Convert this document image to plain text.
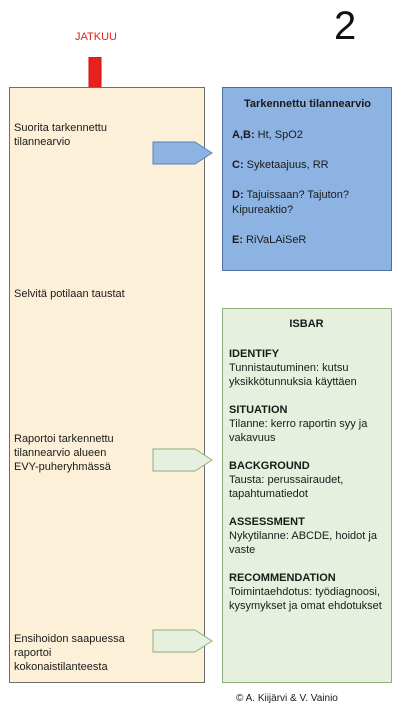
2
JATKUU
Suorita tarkennettu
tilannearvio
Selvitä potilaan taustat
Raportoi tarkennettu
tilannearvio alueen
EVY-puheryhmässä
Ensihoidon saapuessa
raportoi
kokonaistilanteesta
Tarkennettu tilannearvio
A,B: Ht, SpO2
C: Syketaajuus, RR
D: Tajuissaan? Tajuton? Kipureaktio?
E: RiVaLAiSeR
ISBAR
IDENTIFY
Tunnistautuminen: kutsu yksikkötunnuksia käyttäen
SITUATION
Tilanne: kerro raportin syy ja vakavuus
BACKGROUND
Tausta: perussairaudet, tapahtumatiedot
ASSESSMENT
Nykytilanne: ABCDE, hoidot ja vaste
RECOMMENDATION
Toimintaehdotus: työdiagnoosi, kysymykset ja omat ehdotukset
© A. Kiijärvi & V. Vainio
